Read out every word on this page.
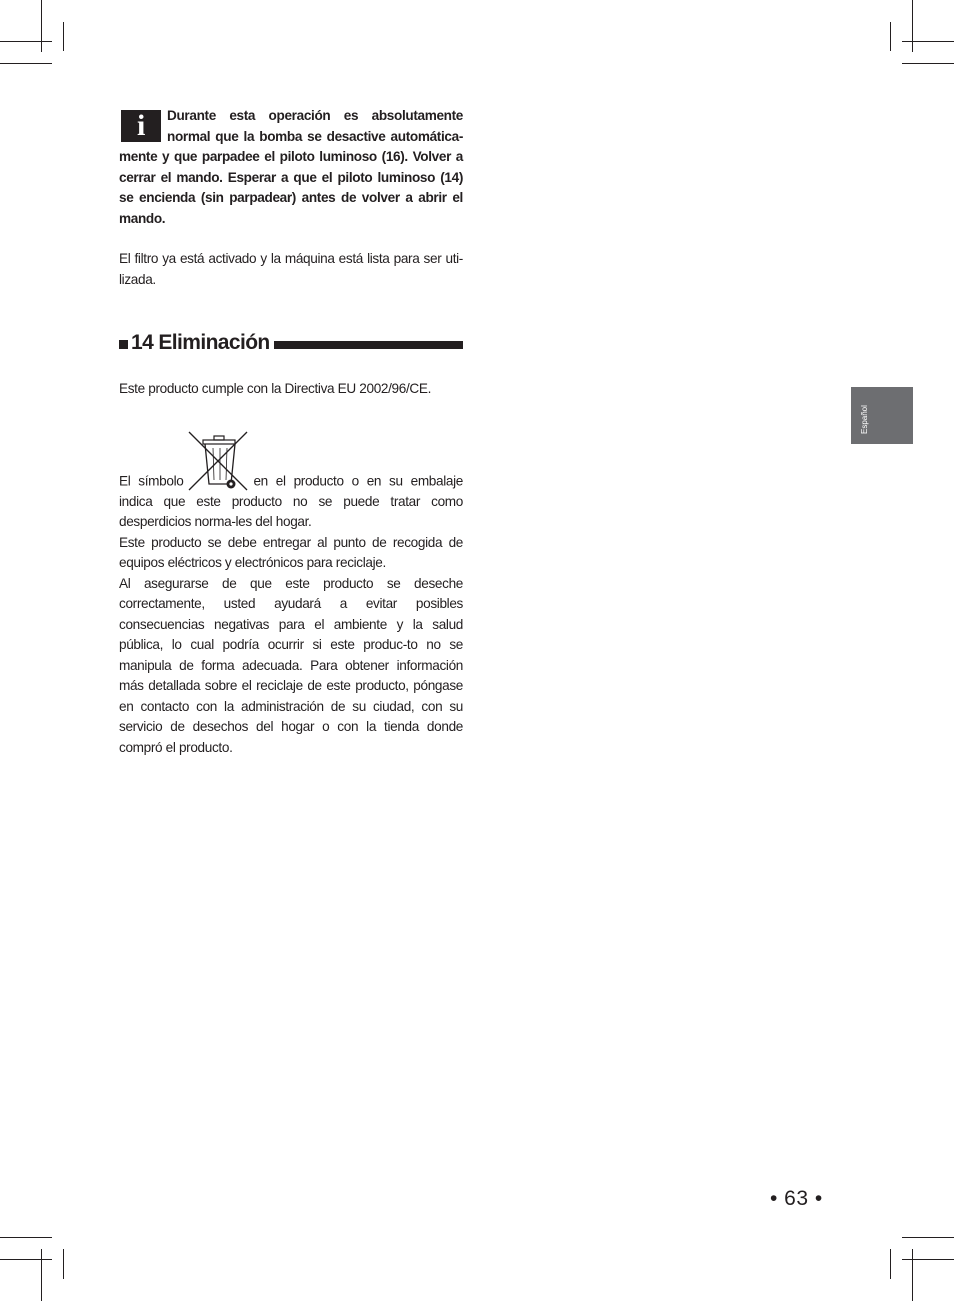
i	Durante esta operación es absolutamente normal que la bomba se desactive automática-mente y que parpadee el piloto luminoso (16). Volver a cerrar el mando. Esperar a que el piloto luminoso (14) se encienda (sin parpadear) antes de volver a abrir el mando.

El filtro ya está activado y la máquina está lista para ser uti-lizada.

14 Eliminación

Este producto cumple con la Directiva EU 2002/96/CE.

El símbolo	en el producto o en su embalaje indica que este producto no se puede tratar como desperdicios norma-les del hogar.

Este producto se debe entregar al punto de recogida de equipos eléctricos y electrónicos para reciclaje.

Al asegurarse de que este producto se deseche correctamente, usted ayudará a evitar posibles consecuencias negativas para el ambiente y la salud pública, lo cual podría ocurrir si este produc-to no se manipula de forma adecuada. Para obtener información más detallada sobre el reciclaje de este producto, póngase en contacto con la administración de su ciudad, con su servicio de desechos del hogar o con la tienda donde compró el producto.

Español
• 63 •
